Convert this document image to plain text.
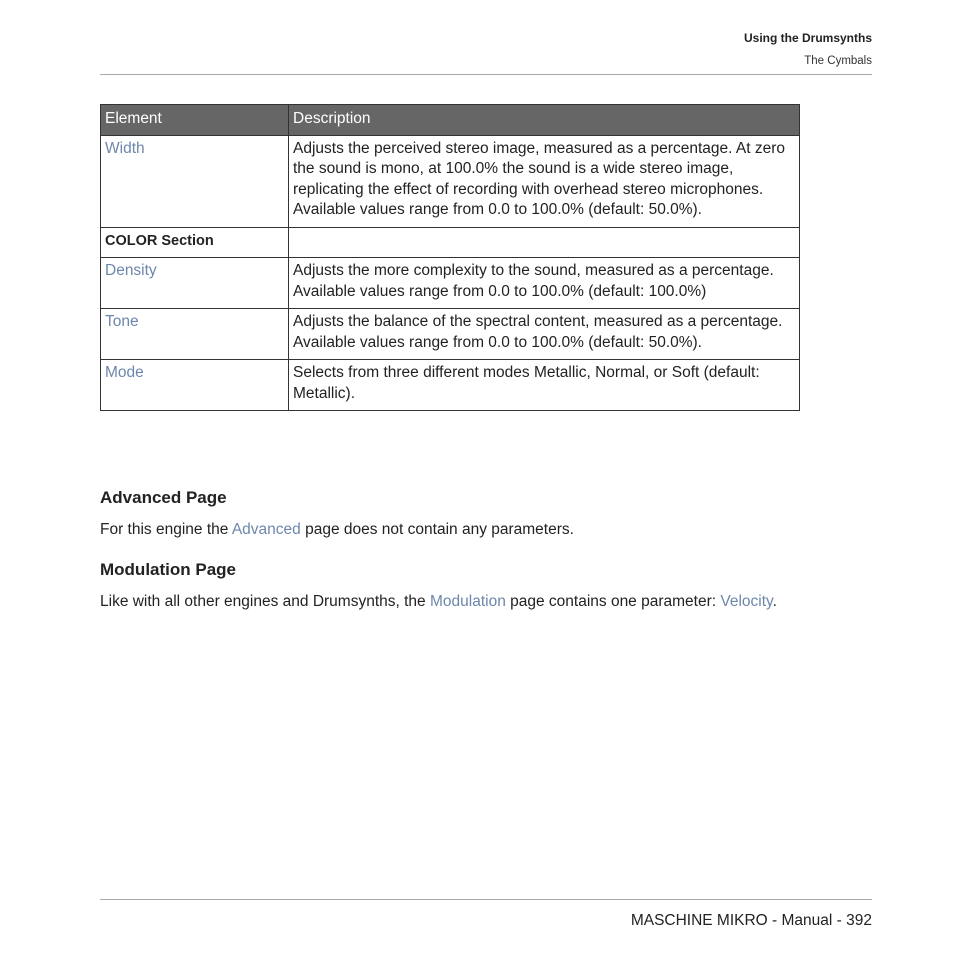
Using the Drumsynths
The Cymbals
Element	Description
Width	Adjusts the perceived stereo image, measured as a percentage. At zero the sound is mono, at 100.0% the sound is a wide stereo image, replicating the effect of recording with overhead stereo microphones. Available values range from 0.0 to 100.0% (default: 50.0%).
COLOR Section	
Density	Adjusts the more complexity to the sound, measured as a percentage. Available values range from 0.0 to 100.0% (default: 100.0%)
Tone	Adjusts the balance of the spectral content, measured as a percentage. Available values range from 0.0 to 100.0% (default: 50.0%).
Mode	Selects from three different modes Metallic, Normal, or Soft (default: Metallic).
Advanced Page

For this engine the Advanced page does not contain any parameters.

Modulation Page

Like with all other engines and Drumsynths, the Modulation page contains one parameter: Velocity.

MASCHINE MIKRO - Manual - 392
